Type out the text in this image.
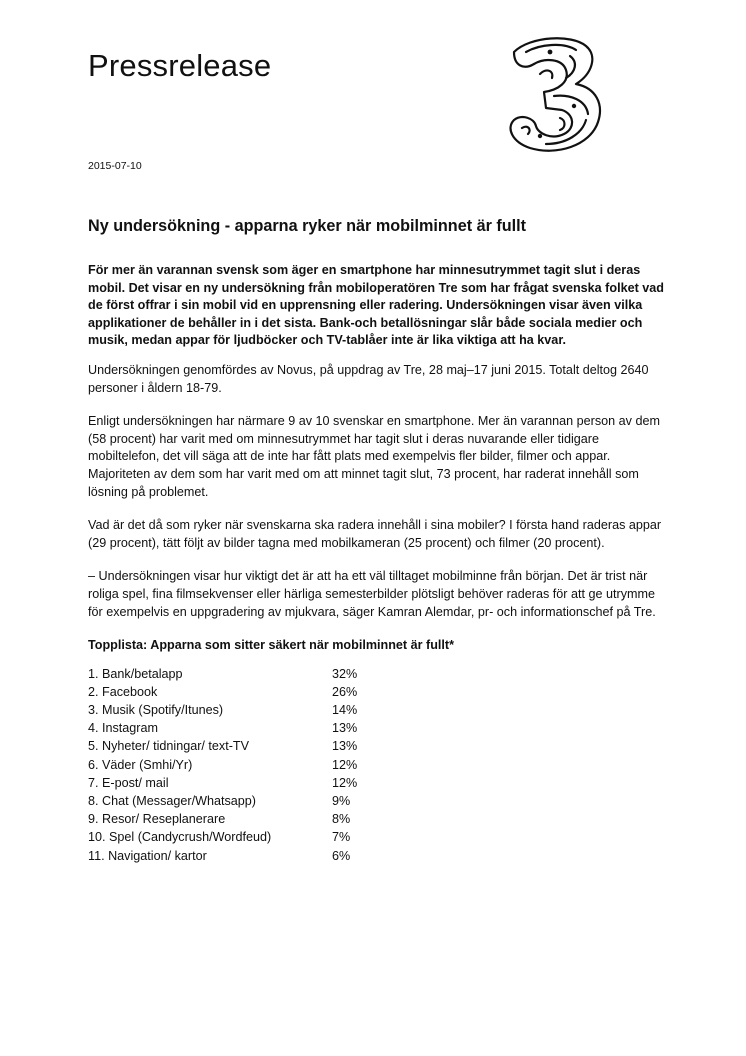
Pressrelease
2015-07-10
Ny undersökning - apparna ryker när mobilminnet är fullt

För mer än varannan svensk som äger en smartphone har minnesutrymmet tagit slut i deras mobil. Det visar en ny undersökning från mobiloperatören Tre som har frågat svenska folket vad de först offrar i sin mobil vid en upprensning eller radering. Undersökningen visar även vilka applikationer de behåller in i det sista. Bank-och betallösningar slår både sociala medier och musik, medan appar för ljudböcker och TV-tablåer inte är lika viktiga att ha kvar.

Undersökningen genomfördes av Novus, på uppdrag av Tre, 28 maj–17 juni 2015. Totalt deltog 2640 personer i åldern 18-79.

Enligt undersökningen har närmare 9 av 10 svenskar en smartphone. Mer än varannan person av dem (58 procent) har varit med om minnesutrymmet har tagit slut i deras nuvarande eller tidigare mobiltelefon, det vill säga att de inte har fått plats med exempelvis fler bilder, filmer och appar. Majoriteten av dem som har varit med om att minnet tagit slut, 73 procent, har raderat innehåll som lösning på problemet.

Vad är det då som ryker när svenskarna ska radera innehåll i sina mobiler? I första hand raderas appar (29 procent), tätt följt av bilder tagna med mobilkameran (25 procent) och filmer (20 procent).

– Undersökningen visar hur viktigt det är att ha ett väl tilltaget mobilminne från början. Det är trist när roliga spel, fina filmsekvenser eller härliga semesterbilder plötsligt behöver raderas för att ge utrymme för exempelvis en uppgradering av mjukvara, säger Kamran Alemdar, pr- och informationschef på Tre.

Topplista: Apparna som sitter säkert när mobilminnet är fullt*
1. Bank/betalapp	32%
2. Facebook	26%
3. Musik (Spotify/Itunes)	14%
4. Instagram	13%
5. Nyheter/ tidningar/ text-TV	13%
6. Väder (Smhi/Yr)	12%
7. E-post/ mail	12%
8. Chat (Messager/Whatsapp)	9%
9. Resor/ Reseplanerare	8%
10. Spel (Candycrush/Wordfeud)	7%
11. Navigation/ kartor	6%
